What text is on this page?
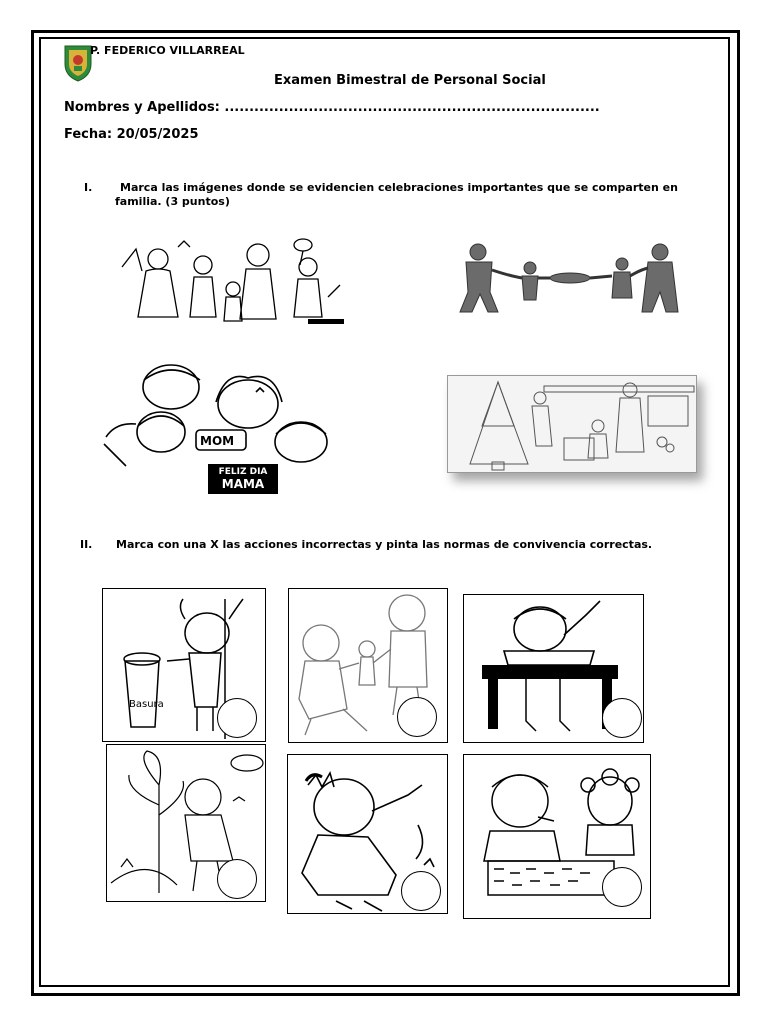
P. FEDERICO VILLARREAL
Examen Bimestral de Personal Social
Nombres y Apellidos: ............................................................................
Fecha: 20/05/2025
I.	Marca las imágenes donde se evidencien celebraciones importantes que se comparten en
familia. (3 puntos)
MOM
FELIZ DIA
MAMA
II. Marca con una X las acciones incorrectas y pinta las normas de convivencia correctas.
Basura
